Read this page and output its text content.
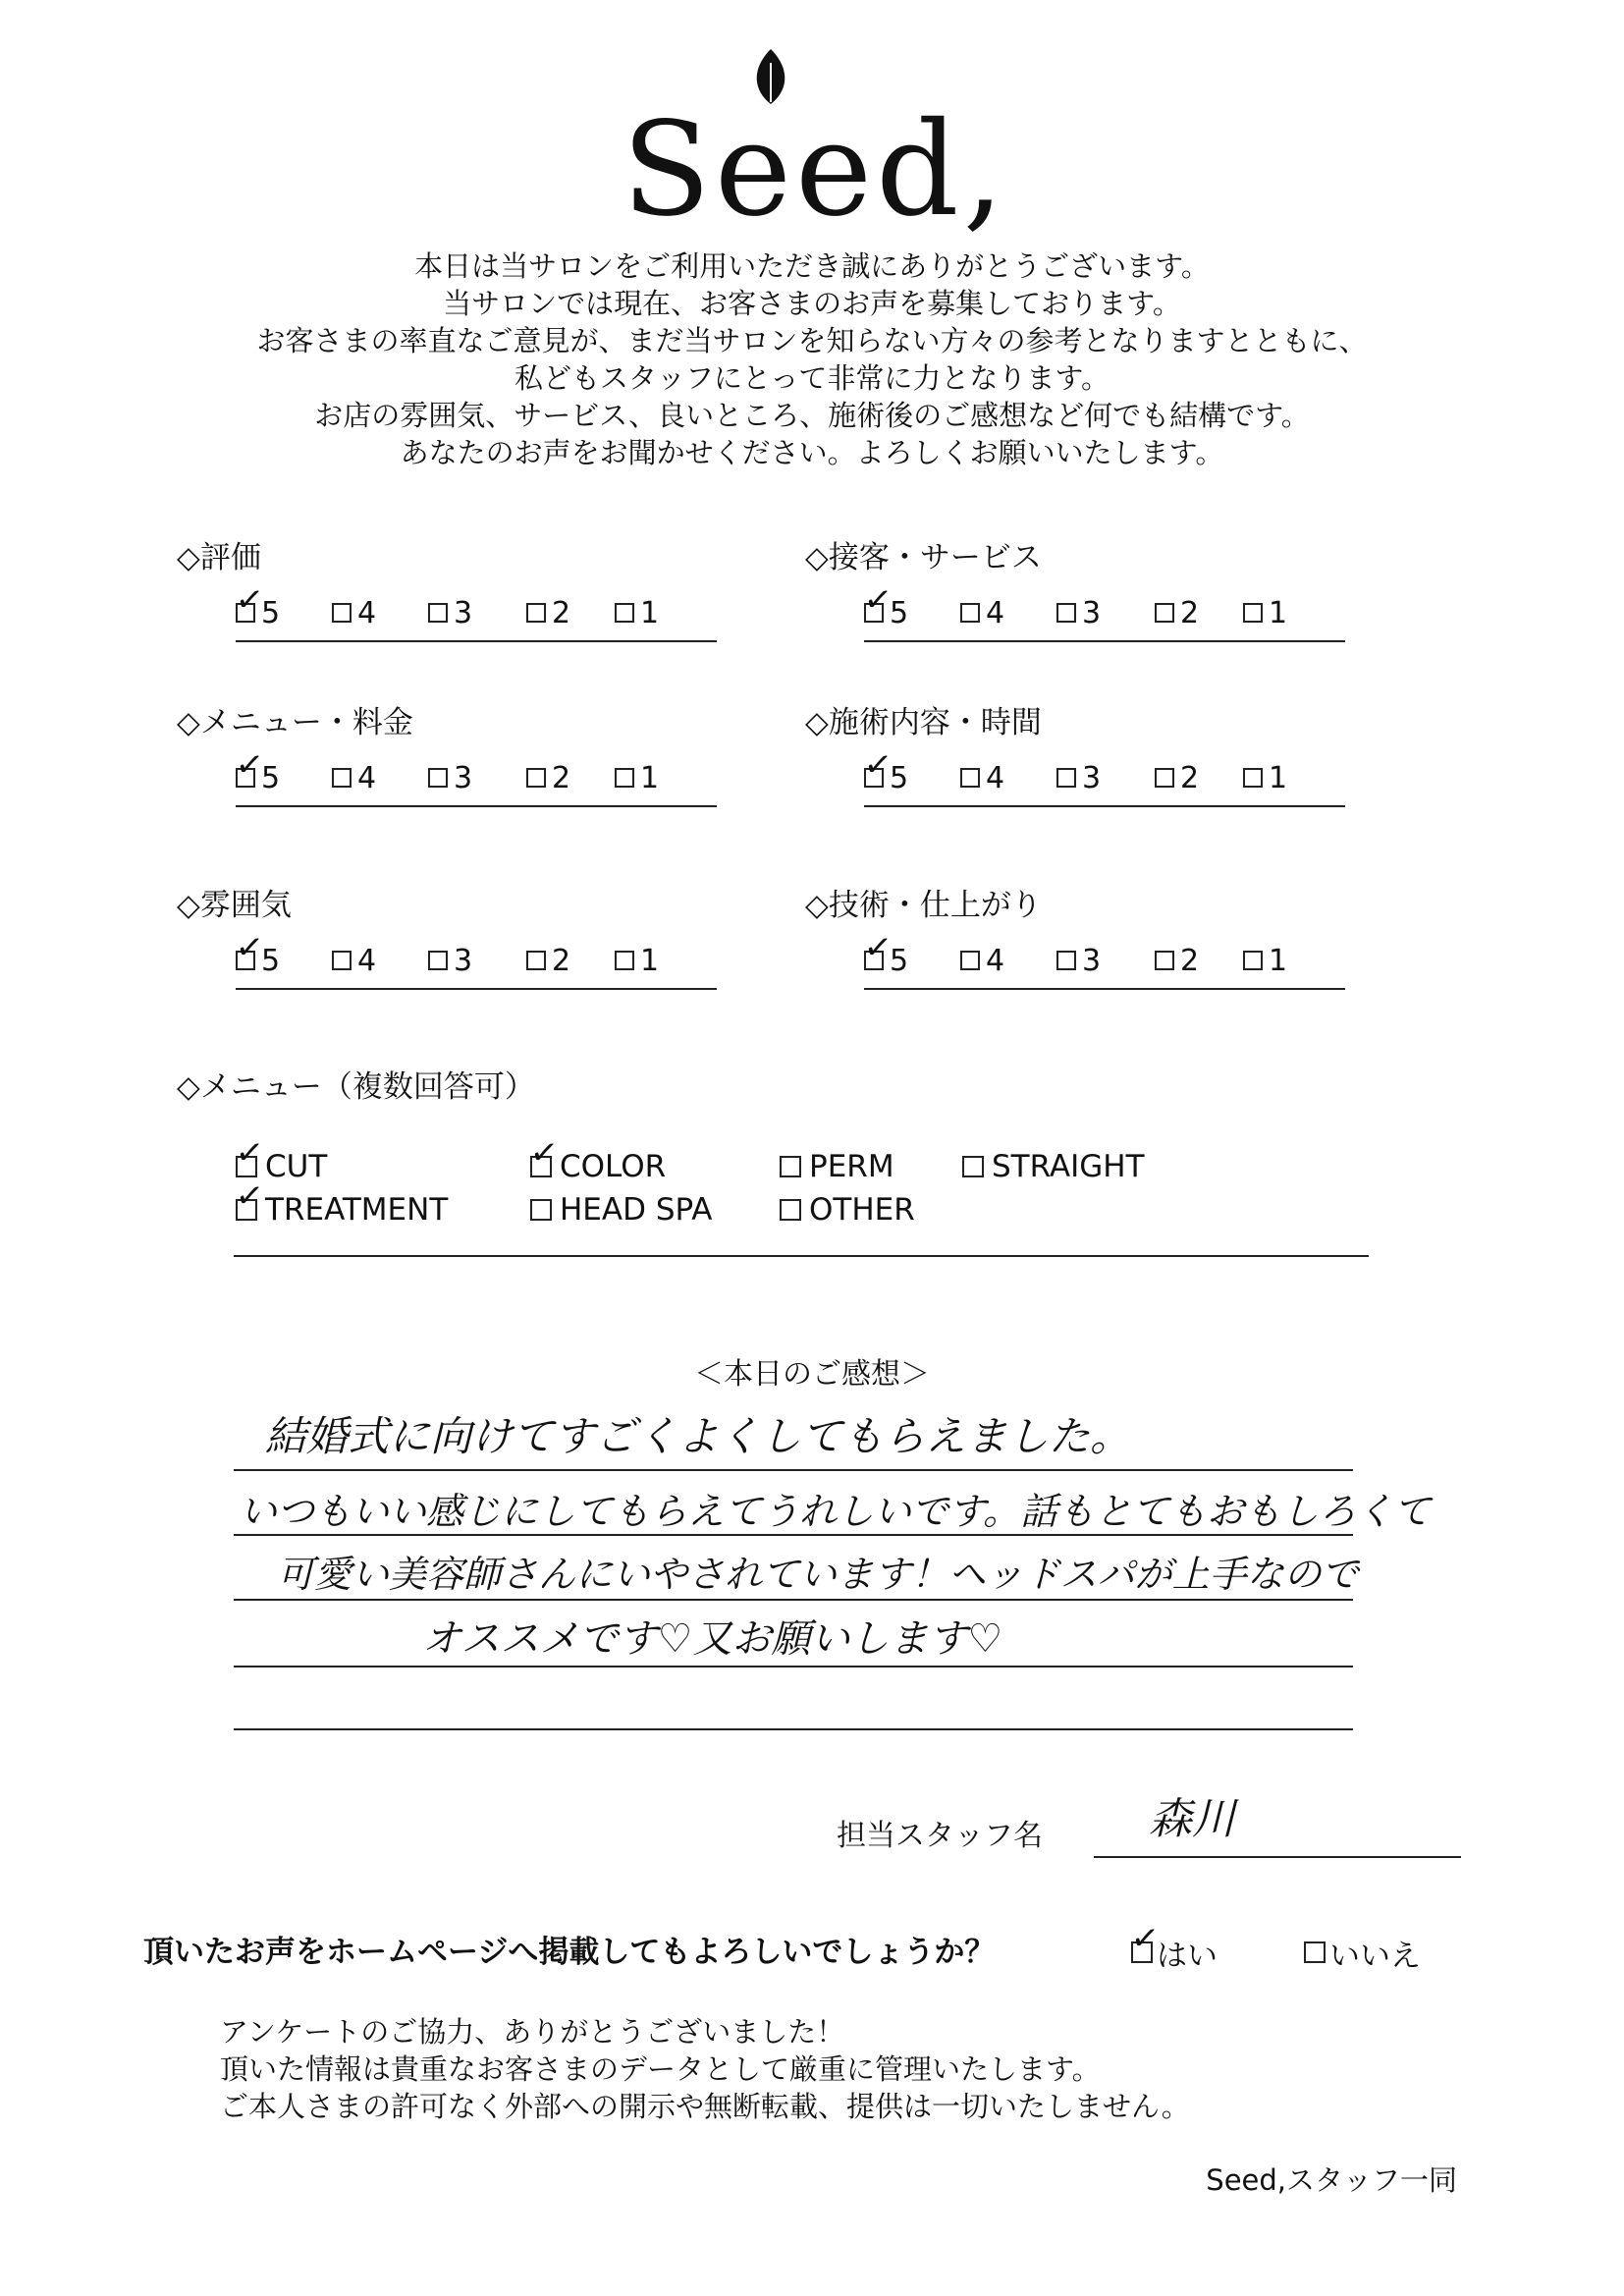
Seed,
本日は当サロンをご利用いただき誠にありがとうございます。
当サロンでは現在、お客さまのお声を募集しております。
お客さまの率直なご意見が、まだ当サロンを知らない方々の参考となりますとともに、
私どもスタッフにとって非常に力となります。
お店の雰囲気、サービス、良いところ、施術後のご感想など何でも結構です。
あなたのお声をお聞かせください。よろしくお願いいたします。
◇評価
✓
5	4	3	2 1
◇接客・サービス
✓
5	4	3	2 1
◇メニュー・料金
✓
5	4	3	2 1
◇施術内容・時間
✓
5	4	3	2 1
◇雰囲気
✓
5	4	3	2 1
◇技術・仕上がり
✓
5	4	3	2 1
◇メニュー（複数回答可）
✓ CUT	✓ COLOR	PERM	STRAIGHT
✓ TREATMENT	HEAD SPA	OTHER
＜本日のご感想＞
結婚式に向けてすごくよくしてもらえました。
いつもいい感じにしてもらえてうれしいです。話もとてもおもしろくて
可愛い美容師さんにいやされています！ヘッドスパが上手なので
オススメです♡又お願いします♡
担当スタッフ名 森川
頂いたお声をホームページへ掲載してもよろしいでしょうか？	✓
はい	いいえ
アンケートのご協力、ありがとうございました！
頂いた情報は貴重なお客さまのデータとして厳重に管理いたします。
ご本人さまの許可なく外部への開示や無断転載、提供は一切いたしません。
Seed,スタッフ一同
